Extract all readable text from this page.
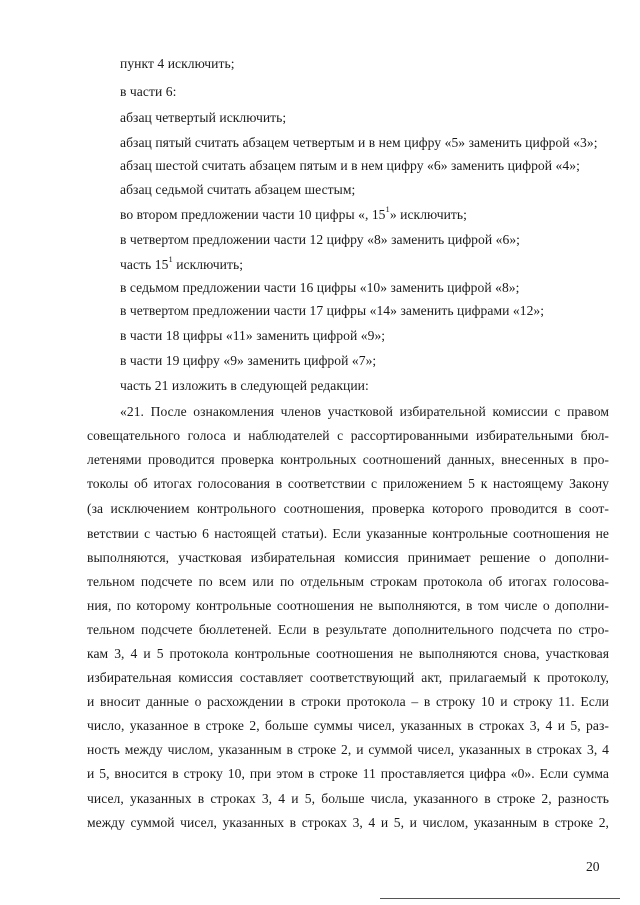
пункт 4 исключить;
в части 6:
абзац четвертый исключить;
абзац пятый считать абзацем четвертым и в нем цифру «5» заменить цифрой «3»;
абзац шестой считать абзацем пятым и в нем цифру «6» заменить цифрой «4»;
абзац седьмой считать абзацем шестым;
во втором предложении части 10 цифры «, $15^1$» исключить;
в четвертом предложении части 12 цифру «8» заменить цифрой «6»;
часть $15^1$ исключить;
в седьмом предложении части 16 цифры «10» заменить цифрой «8»;
в четвертом предложении части 17 цифры «14» заменить цифрами «12»;
в части 18 цифры «11» заменить цифрой «9»;
в части 19 цифру «9» заменить цифрой «7»;
часть 21 изложить в следующей редакции:
«21. После ознакомления членов участковой избирательной комиссии с правом
совещательного голоса и наблюдателей с рассортированными избирательными бюл-
летенями проводится проверка контрольных соотношений данных, внесенных в про-
токолы об итогах голосования в соответствии с приложением 5 к настоящему Закону
(за исключением контрольного соотношения, проверка которого проводится в соот-
ветствии с частью 6 настоящей статьи). Если указанные контрольные соотношения не
выполняются, участковая избирательная комиссия принимает решение о дополни-
тельном подсчете по всем или по отдельным строкам протокола об итогах голосова-
ния, по которому контрольные соотношения не выполняются, в том числе о дополни-
тельном подсчете бюллетеней. Если в результате дополнительного подсчета по стро-
кам 3, 4 и 5 протокола контрольные соотношения не выполняются снова, участковая
избирательная комиссия составляет соответствующий акт, прилагаемый к протоколу,
и вносит данные о расхождении в строки протокола – в строку 10 и строку 11. Если
число, указанное в строке 2, больше суммы чисел, указанных в строках 3, 4 и 5, раз-
ность между числом, указанным в строке 2, и суммой чисел, указанных в строках 3, 4
и 5, вносится в строку 10, при этом в строке 11 проставляется цифра «0». Если сумма
чисел, указанных в строках 3, 4 и 5, больше числа, указанного в строке 2, разность
между суммой чисел, указанных в строках 3, 4 и 5, и числом, указанным в строке 2,
20
